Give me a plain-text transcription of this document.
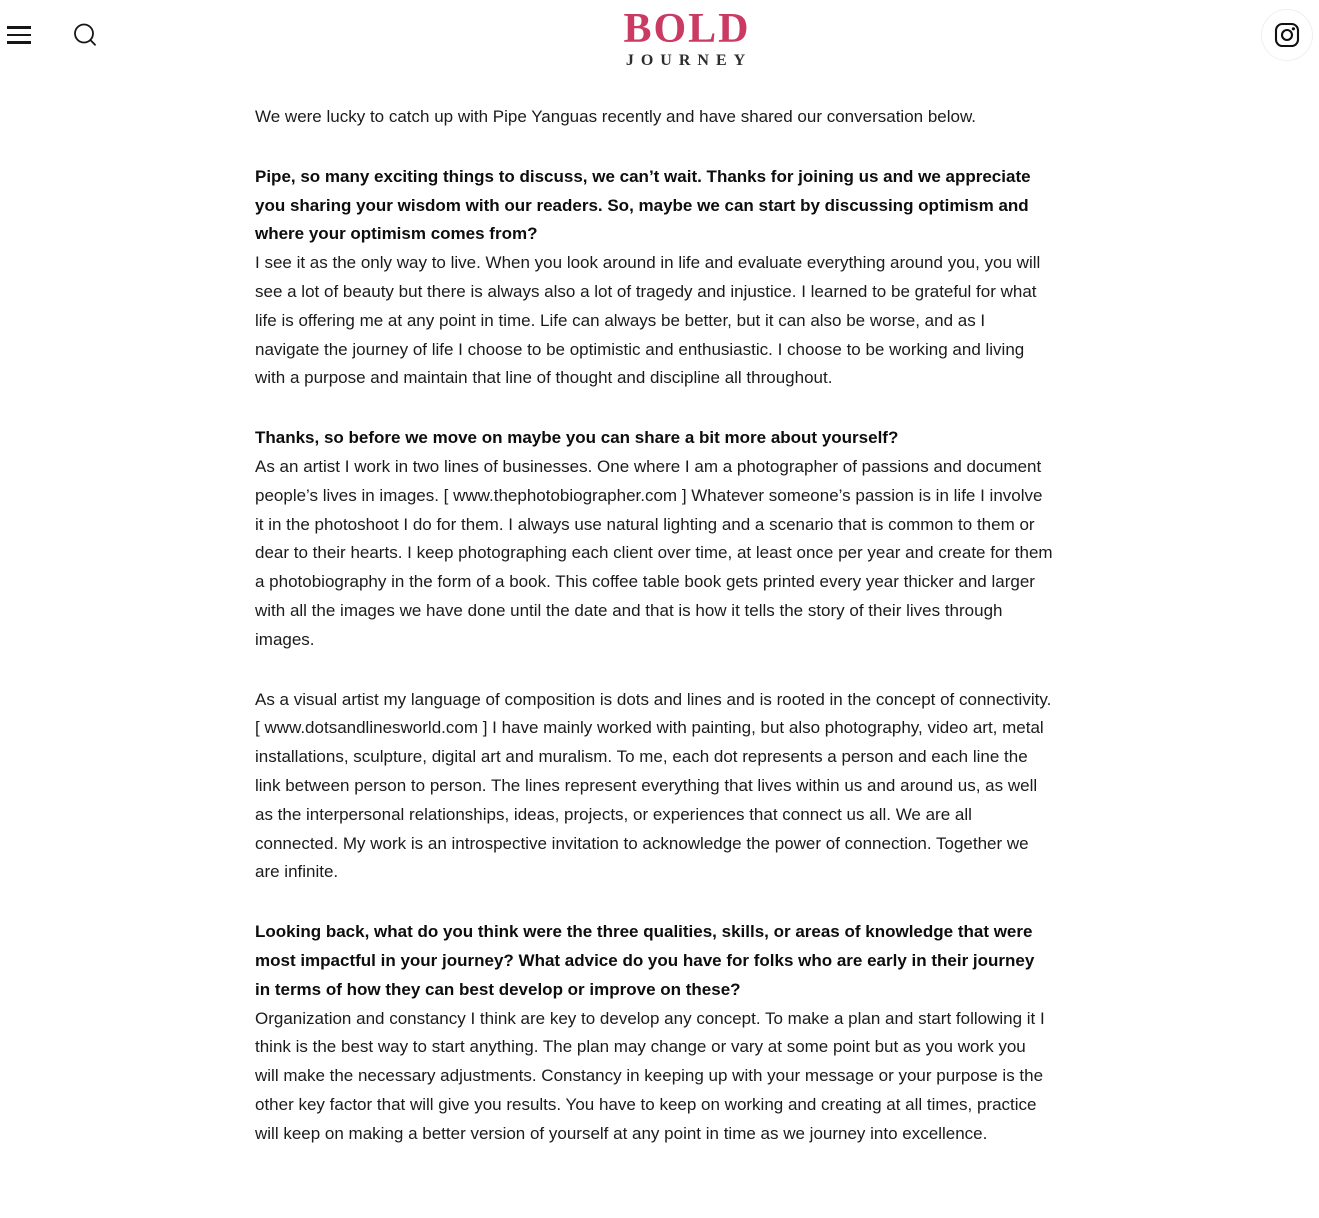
BOLD
JOURNEY

We were lucky to catch up with Pipe Yanguas recently and have shared our conversation below.

Pipe, so many exciting things to discuss, we can’t wait. Thanks for joining us and we appreciate you sharing your wisdom with our readers. So, maybe we can start by discussing optimism and where your optimism comes from?
I see it as the only way to live. When you look around in life and evaluate everything around you, you will see a lot of beauty but there is always also a lot of tragedy and injustice. I learned to be grateful for what life is offering me at any point in time. Life can always be better, but it can also be worse, and as I navigate the journey of life I choose to be optimistic and enthusiastic. I choose to be working and living with a purpose and maintain that line of thought and discipline all throughout.

Thanks, so before we move on maybe you can share a bit more about yourself?
As an artist I work in two lines of businesses. One where I am a photographer of passions and document people’s lives in images. [ www.thephotobiographer.com ] Whatever someone’s passion is in life I involve it in the photoshoot I do for them. I always use natural lighting and a scenario that is common to them or dear to their hearts. I keep photographing each client over time, at least once per year and create for them a photobiography in the form of a book. This coffee table book gets printed every year thicker and larger with all the images we have done until the date and that is how it tells the story of their lives through images.

As a visual artist my language of composition is dots and lines and is rooted in the concept of connectivity. [ www.dotsandlinesworld.com ] I have mainly worked with painting, but also photography, video art, metal installations, sculpture, digital art and muralism. To me, each dot represents a person and each line the link between person to person. The lines represent everything that lives within us and around us, as well as the interpersonal relationships, ideas, projects, or experiences that connect us all. We are all connected. My work is an introspective invitation to acknowledge the power of connection. Together we are infinite.

Looking back, what do you think were the three qualities, skills, or areas of knowledge that were most impactful in your journey? What advice do you have for folks who are early in their journey in terms of how they can best develop or improve on these?
Organization and constancy I think are key to develop any concept. To make a plan and start following it I think is the best way to start anything. The plan may change or vary at some point but as you work you will make the necessary adjustments. Constancy in keeping up with your message or your purpose is the other key factor that will give you results. You have to keep on working and creating at all times, practice will keep on making a better version of yourself at any point in time as we journey into excellence.
